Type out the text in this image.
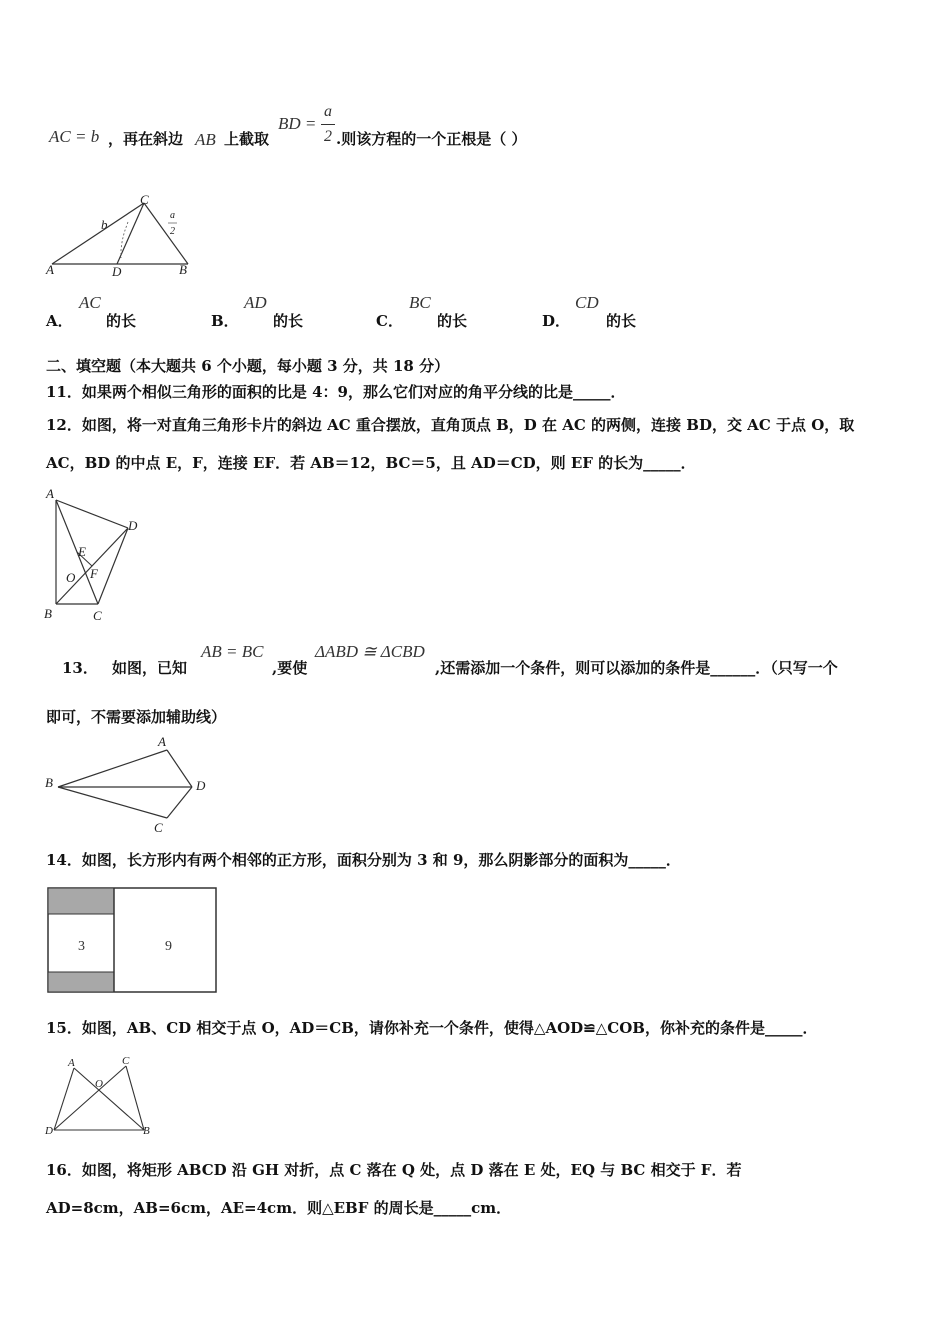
AC = b ，再在斜边 AB 上截取
BD =
a
2 .则该方程的一个正根是（ ）
A	D	B
C
b
a
2
A．
AC
的长	B．
AD
的长	C．
BC
的长	D．
CD
的长
二、填空题（本大题共 6 个小题，每小题 3 分，共 18 分）
11．如果两个相似三角形的面积的比是 4：9，那么它们对应的角平分线的比是_____．
12．如图，将一对直角三角形卡片的斜边 AC 重合摆放，直角顶点 B，D 在 AC 的两侧，连接 BD，交 AC 于点 O，取
AC，BD 的中点 E，F，连接 EF．若 AB＝12，BC＝5，且 AD＝CD，则 EF 的长为_____．
A
D
E
O F
B	C
13． 如图，已知
AB = BC
,要使
ΔABD ≅ ΔCBD
,还需添加一个条件，则可以添加的条件是______．（只写一个
即可，不需要添加辅助线）
A
B	D
C
14．如图，长方形内有两个相邻的正方形，面积分别为 3 和 9，那么阴影部分的面积为_____．
3	9
15．如图，AB、CD 相交于点 O，AD＝CB，请你补充一个条件，使得△AOD≌△COB，你补充的条件是_____．
A	C
O
D	B
16．如图，将矩形 ABCD 沿 GH 对折，点 C 落在 Q 处，点 D 落在 E 处，EQ 与 BC 相交于 F．若
AD=8cm，AB=6cm，AE=4cm．则△EBF 的周长是_____cm．
